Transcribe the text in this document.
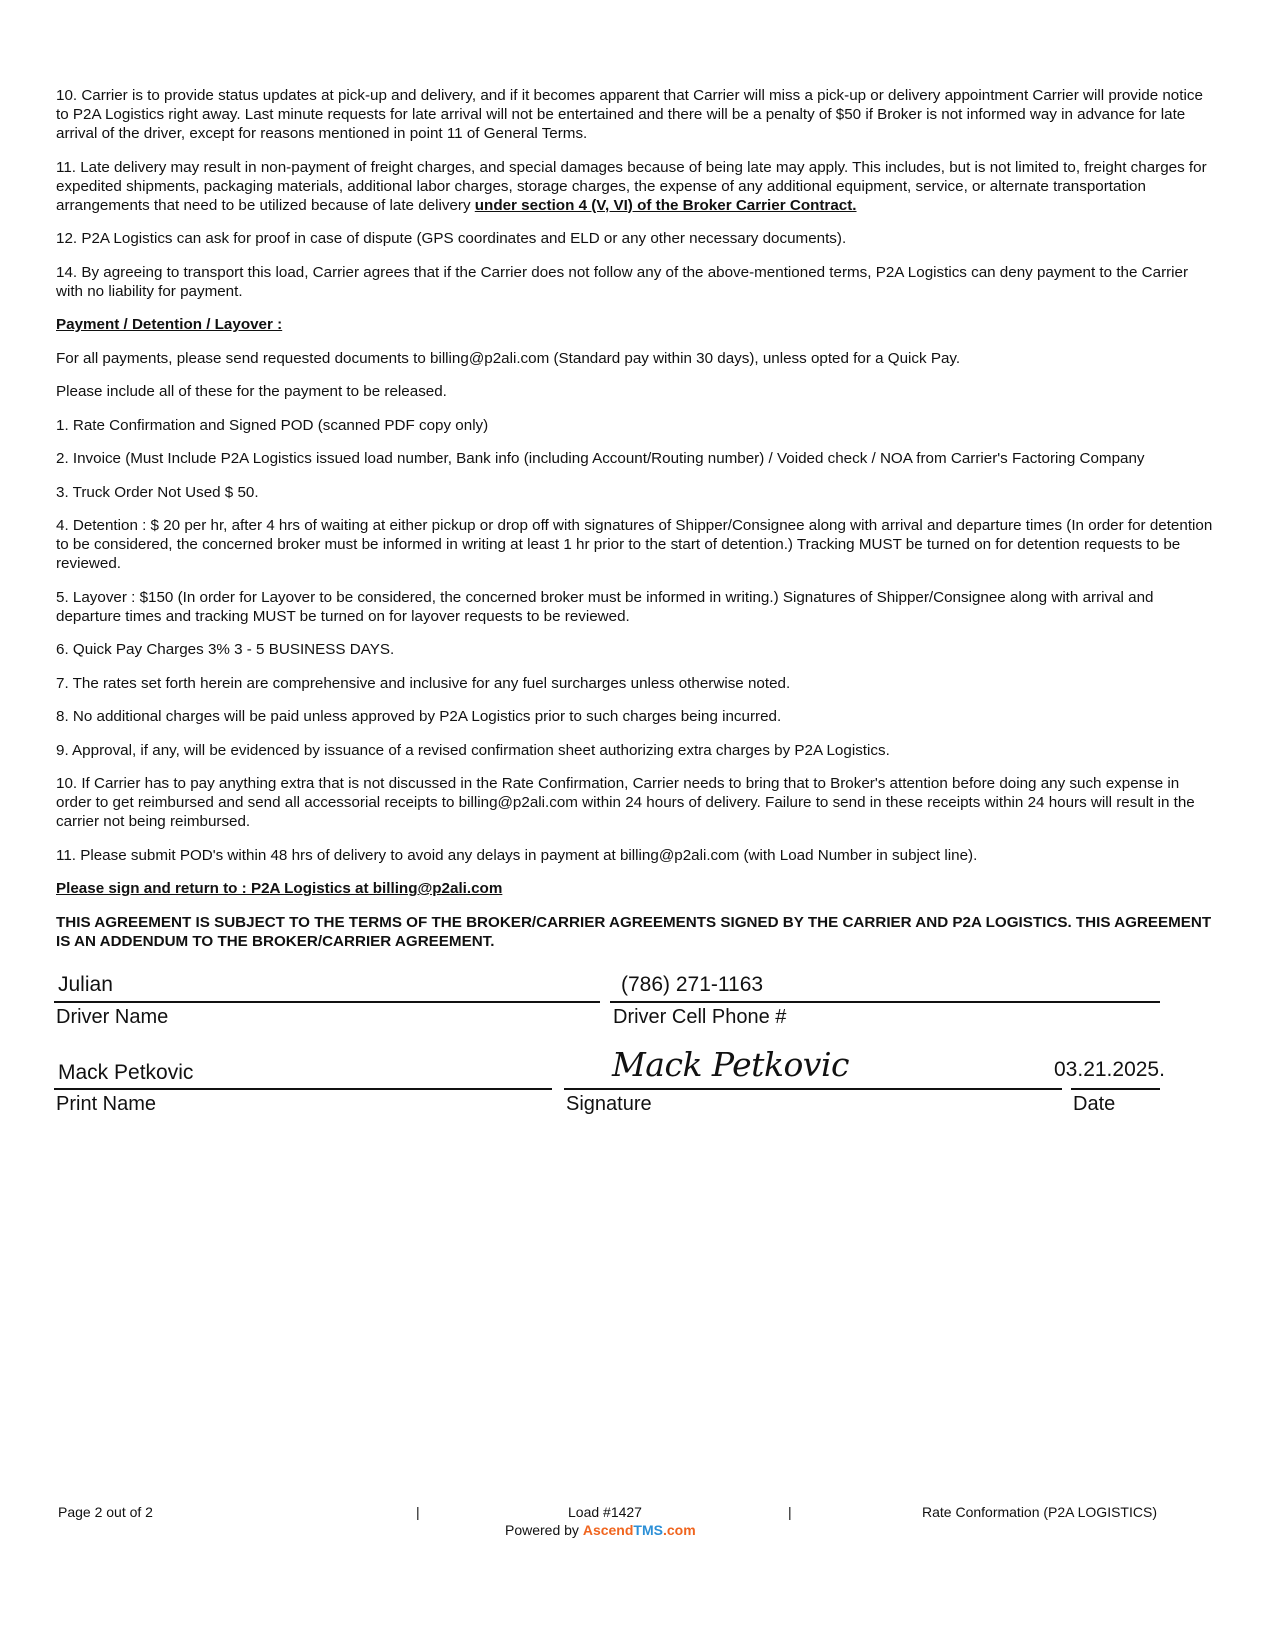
10. Carrier is to provide status updates at pick-up and delivery, and if it becomes apparent that Carrier will miss a pick-up or delivery appointment Carrier will provide notice to P2A Logistics right away. Last minute requests for late arrival will not be entertained and there will be a penalty of $50 if Broker is not informed way in advance for late arrival of the driver, except for reasons mentioned in point 11 of General Terms.

11. Late delivery may result in non-payment of freight charges, and special damages because of being late may apply. This includes, but is not limited to, freight charges for expedited shipments, packaging materials, additional labor charges, storage charges, the expense of any additional equipment, service, or alternate transportation arrangements that need to be utilized because of late delivery under section 4 (V, VI) of the Broker Carrier Contract.

12. P2A Logistics can ask for proof in case of dispute (GPS coordinates and ELD or any other necessary documents).

14. By agreeing to transport this load, Carrier agrees that if the Carrier does not follow any of the above-mentioned terms, P2A Logistics can deny payment to the Carrier with no liability for payment.

Payment / Detention / Layover :

For all payments, please send requested documents to billing@p2ali.com (Standard pay within 30 days), unless opted for a Quick Pay.

Please include all of these for the payment to be released.

1. Rate Confirmation and Signed POD (scanned PDF copy only)

2. Invoice (Must Include P2A Logistics issued load number, Bank info (including Account/Routing number) / Voided check / NOA from Carrier's Factoring Company

3. Truck Order Not Used $ 50.

4. Detention : $ 20 per hr, after 4 hrs of waiting at either pickup or drop off with signatures of Shipper/Consignee along with arrival and departure times (In order for detention to be considered, the concerned broker must be informed in writing at least 1 hr prior to the start of detention.) Tracking MUST be turned on for detention requests to be reviewed.

5. Layover : $150 (In order for Layover to be considered, the concerned broker must be informed in writing.) Signatures of Shipper/Consignee along with arrival and departure times and tracking MUST be turned on for layover requests to be reviewed.

6. Quick Pay Charges 3% 3 - 5 BUSINESS DAYS.

7. The rates set forth herein are comprehensive and inclusive for any fuel surcharges unless otherwise noted.

8. No additional charges will be paid unless approved by P2A Logistics prior to such charges being incurred.

9. Approval, if any, will be evidenced by issuance of a revised confirmation sheet authorizing extra charges by P2A Logistics.

10. If Carrier has to pay anything extra that is not discussed in the Rate Confirmation, Carrier needs to bring that to Broker's attention before doing any such expense in order to get reimbursed and send all accessorial receipts to billing@p2ali.com within 24 hours of delivery. Failure to send in these receipts within 24 hours will result in the carrier not being reimbursed.

11. Please submit POD's within 48 hrs of delivery to avoid any delays in payment at billing@p2ali.com (with Load Number in subject line).

Please sign and return to : P2A Logistics at billing@p2ali.com

THIS AGREEMENT IS SUBJECT TO THE TERMS OF THE BROKER/CARRIER AGREEMENTS SIGNED BY THE CARRIER AND P2A LOGISTICS. THIS AGREEMENT IS AN ADDENDUM TO THE BROKER/CARRIER AGREEMENT.

Julian
Driver Name
(786) 271-1163
Driver Cell Phone #
Mack Petkovic
Print Name
Mack Petkovic
Signature
03.21.2025.
Date
Page 2 out of 2	|	Load #1427	|	Rate Conformation (P2A LOGISTICS)
Powered by AscendTMS.com
